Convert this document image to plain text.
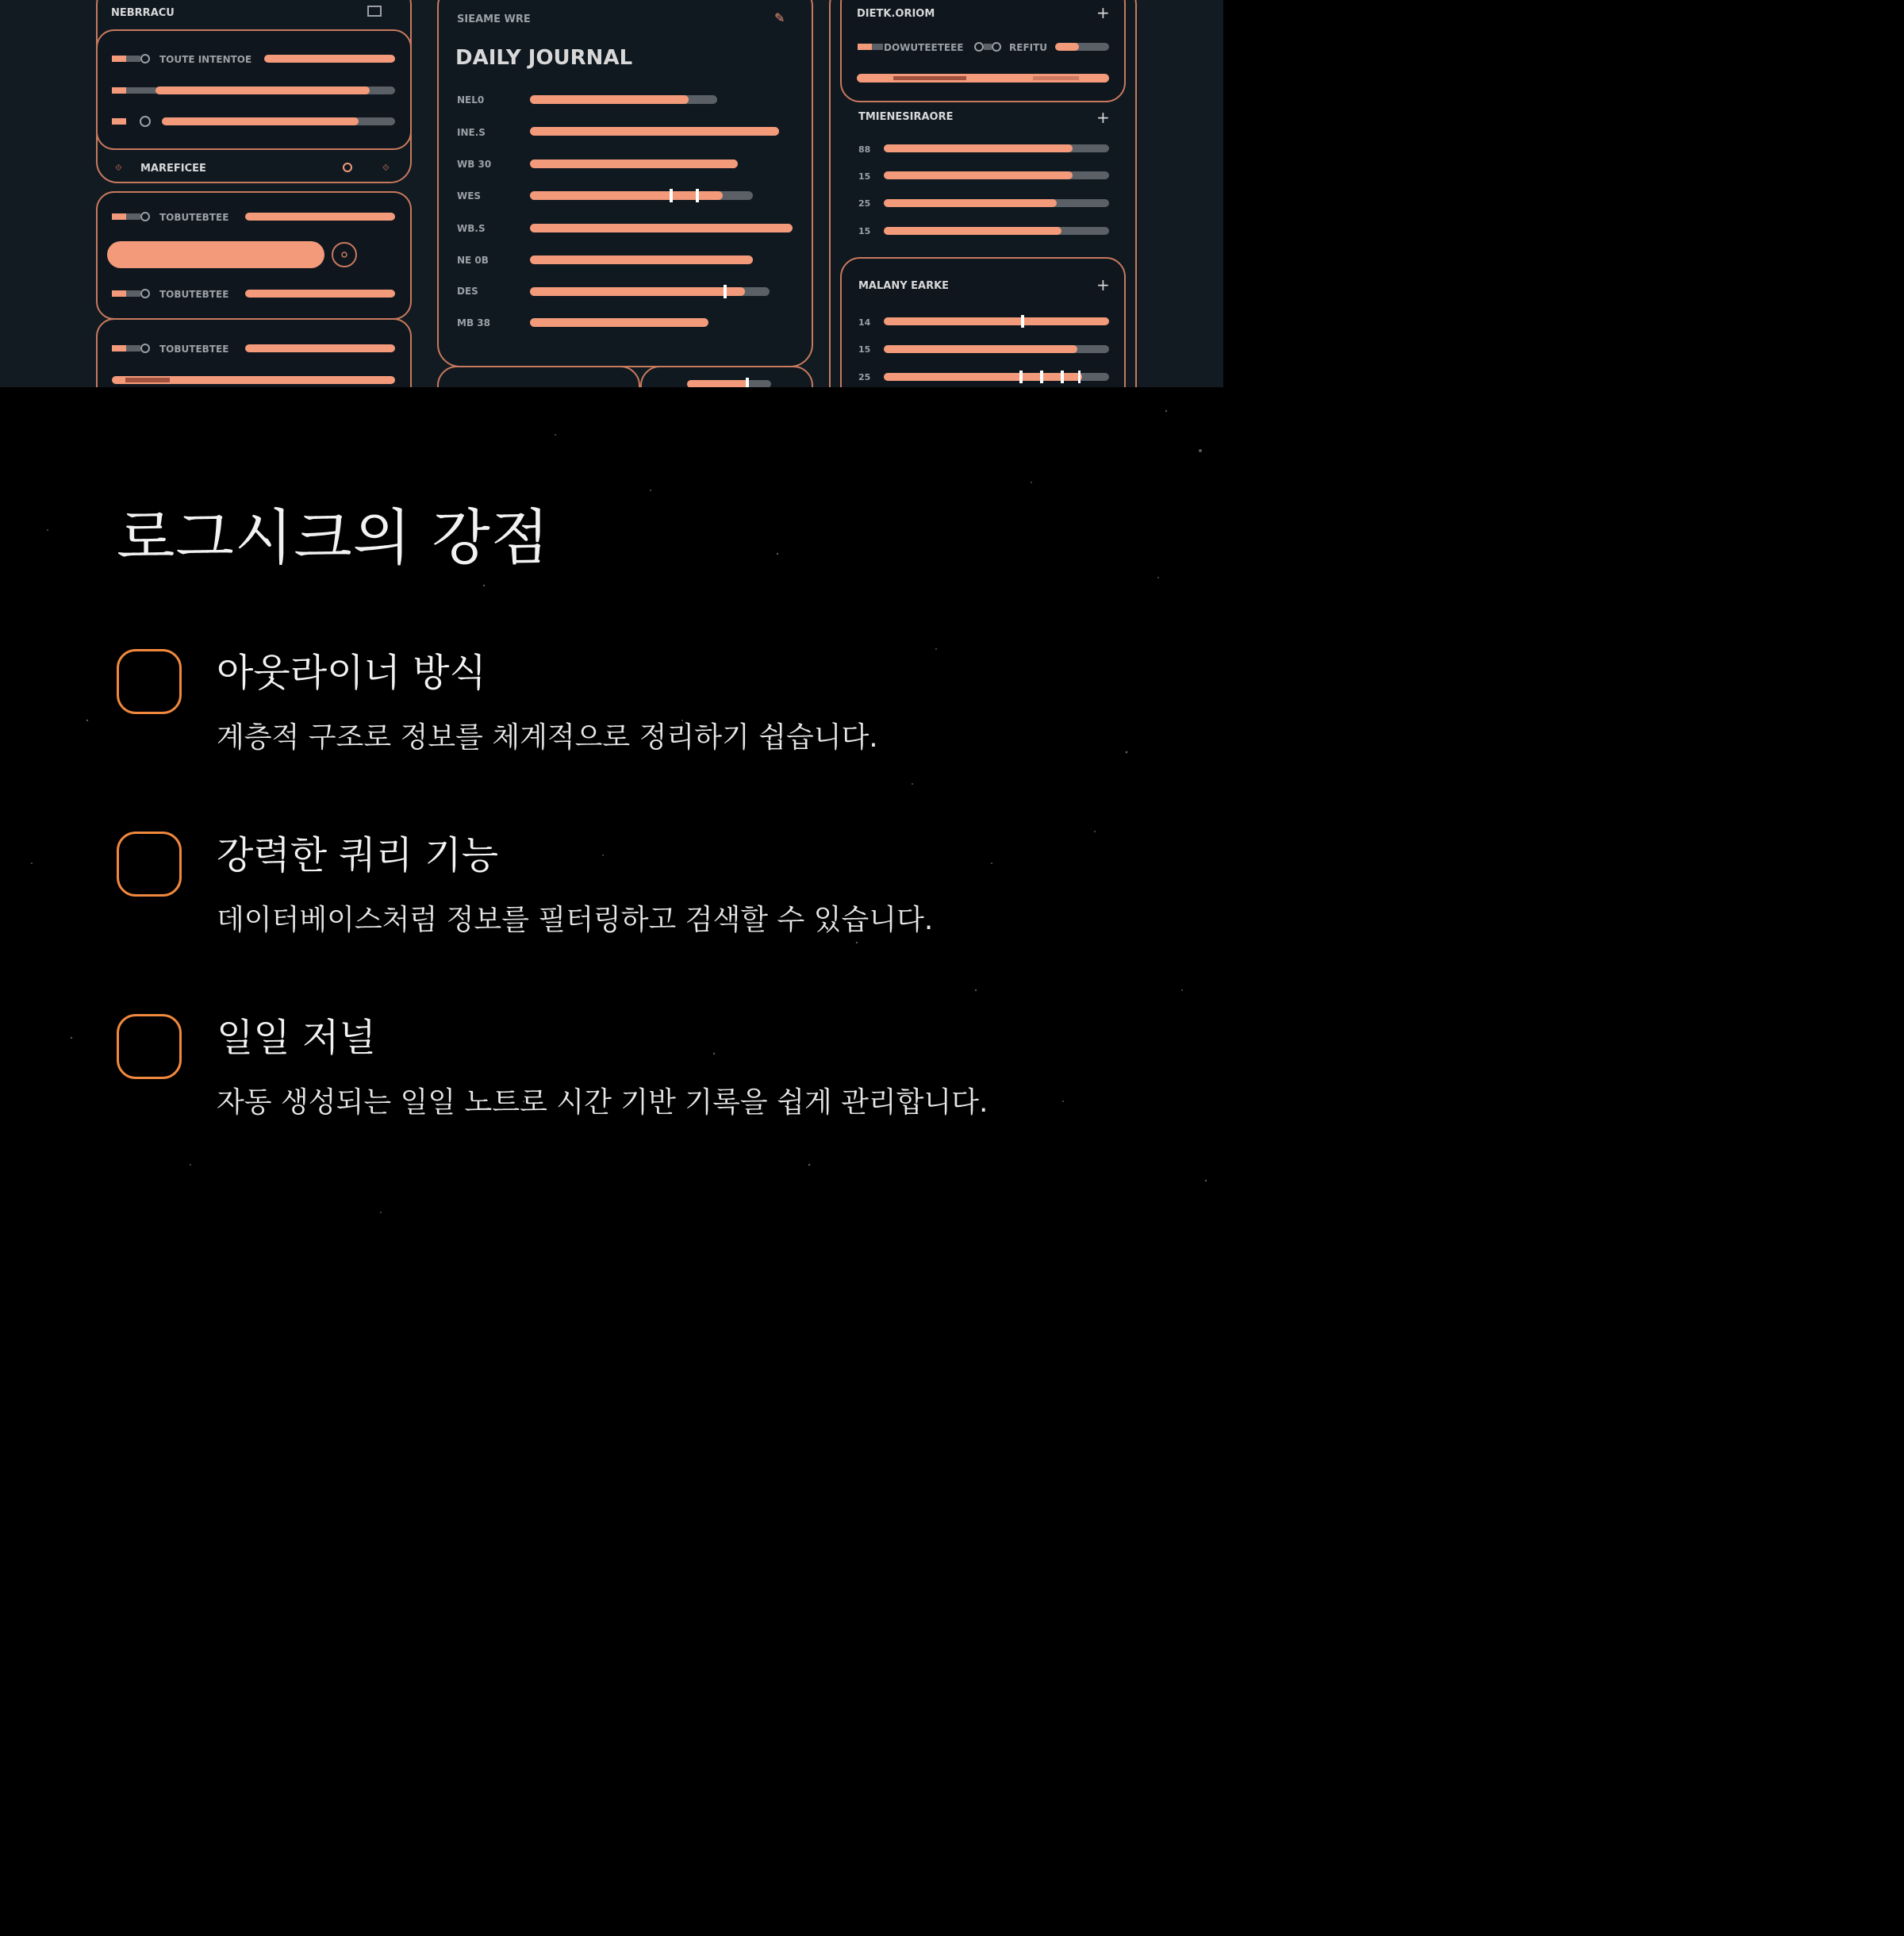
NEBRRACU
TOUTE INTENTOE
⟐ MAREFICEE	⟐
TOBUTEBTEE
TOBUTEBTEE
TOBUTEBTEE
SIEAME WRE	✎
DAILY JOURNAL
NEL0
INE.S
WB 30
WES
WB.S
NE 0B
DES
MB 38
DIETK.ORIOM	+
DOWUTEETEEE	REFITU
TMIENESIRAORE	+
88
15
25
15
MALANY EARKE	+
14
15
25
로그시크의 강점
아웃라이너 방식

계층적 구조로 정보를 체계적으로 정리하기 쉽습니다.

강력한 쿼리 기능

데이터베이스처럼 정보를 필터링하고 검색할 수 있습니다.

일일 저널

자동 생성되는 일일 노트로 시간 기반 기록을 쉽게 관리합니다.
